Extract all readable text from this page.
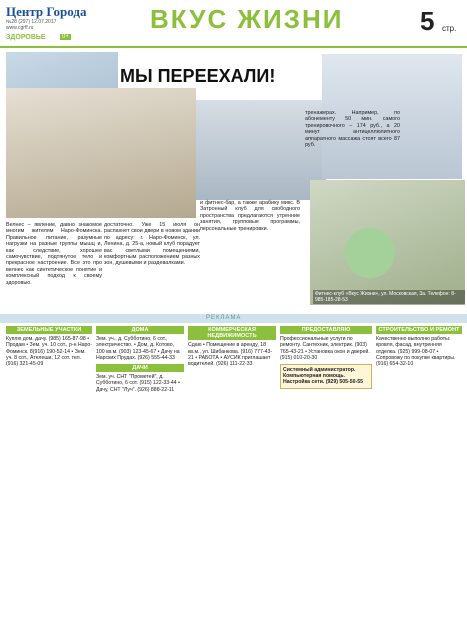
Центр Города
№28 (297) 12.07.2017
www.cgrff.ru
ЗДОРОВЬЕ	0+
ВКУС ЖИЗНИ	5 стр.
МЫ ПЕРЕЕХАЛИ!
Фитнес-клуб «Вкус Жизни», ул. Московская, 3а. Телефон: 8-985-185-28-53
Велнес – явление, давно знакомое многим жителям Наро-Фоминска. Правильное питание, разумные нагрузки на разные группы мышц и, как следствие, хорошее самочувствие, подтянутое тело и прекрасное настроение. Все это про велнес как синтетическое понятие и комплексный подход к своему здоровью.
достаточно. Уже 15 июля он распахнет свои двери в новом здании по адресу: г. Наро-Фоминск, ул. Ленина, д. 25-а, новый клуб порадует вас светлыми помещениями, комфортным расположением разных зон, душевыми и раздевалками.
и фитнес-бар, а также арабику микс. В Затронный клуб для свободного пространства предлагаются утренние занятия, групповые программы, персональные тренировки.
тренажерах. Например, по абонементу 50 мин. самого тренировочного – 174 руб., а 20 минут антицеллюлитного аппаратного массажа стоят всего 87 руб.
РЕКЛАМА
ЗЕМЕЛЬНЫЕ УЧАСТКИ
Куплю дом, дачу. (985) 165-87-98 • Продам • Зем. уч. 10 сот., р-н Наро-Фоминск. 8(916) 190-52-14 • Зем. уч. 8 сот., Ателеши, 12 сот. тел. (916) 321-45-09
ДОМА
Зем. уч., д. Субботино, 6 сот., электричество. • Дом, д. Котово, 100 кв.м. (903) 123-45-67 • Дачу на Нарских Прудах. (926) 555-44-33
ДАЧИ
Зем. уч. СНТ "Прометей", д. Субботино, 6 сот. (915) 122-33-44 • Дачу, СНТ "Луч". (926) 888-22-11
КОММЕРЧЕСКАЯ НЕДВИЖИМОСТЬ
Сдаю • Помещение в аренду, 18 кв.м., ул. Шибанкова. (916) 777-43-21 • РАБОТА • АУСИК приглашает водителей. (926) 111-22-33
ПРЕДОСТАВЛЯЮ
Профессиональные услуги по ремонту. Сантехник, электрик. (903) 765-43-21 • Установка окон и дверей. (915) 010-20-30
Системный администратор. Компьютерная помощь. Настройка сети. (929) 505-50-55
СТРОИТЕЛЬСТВО И РЕМОНТ
Качественно выполню работы: кровля, фасад, внутренняя отделка. (925) 999-08-07 • Сопровожу по покупке квартиры. (916) 654-32-10
